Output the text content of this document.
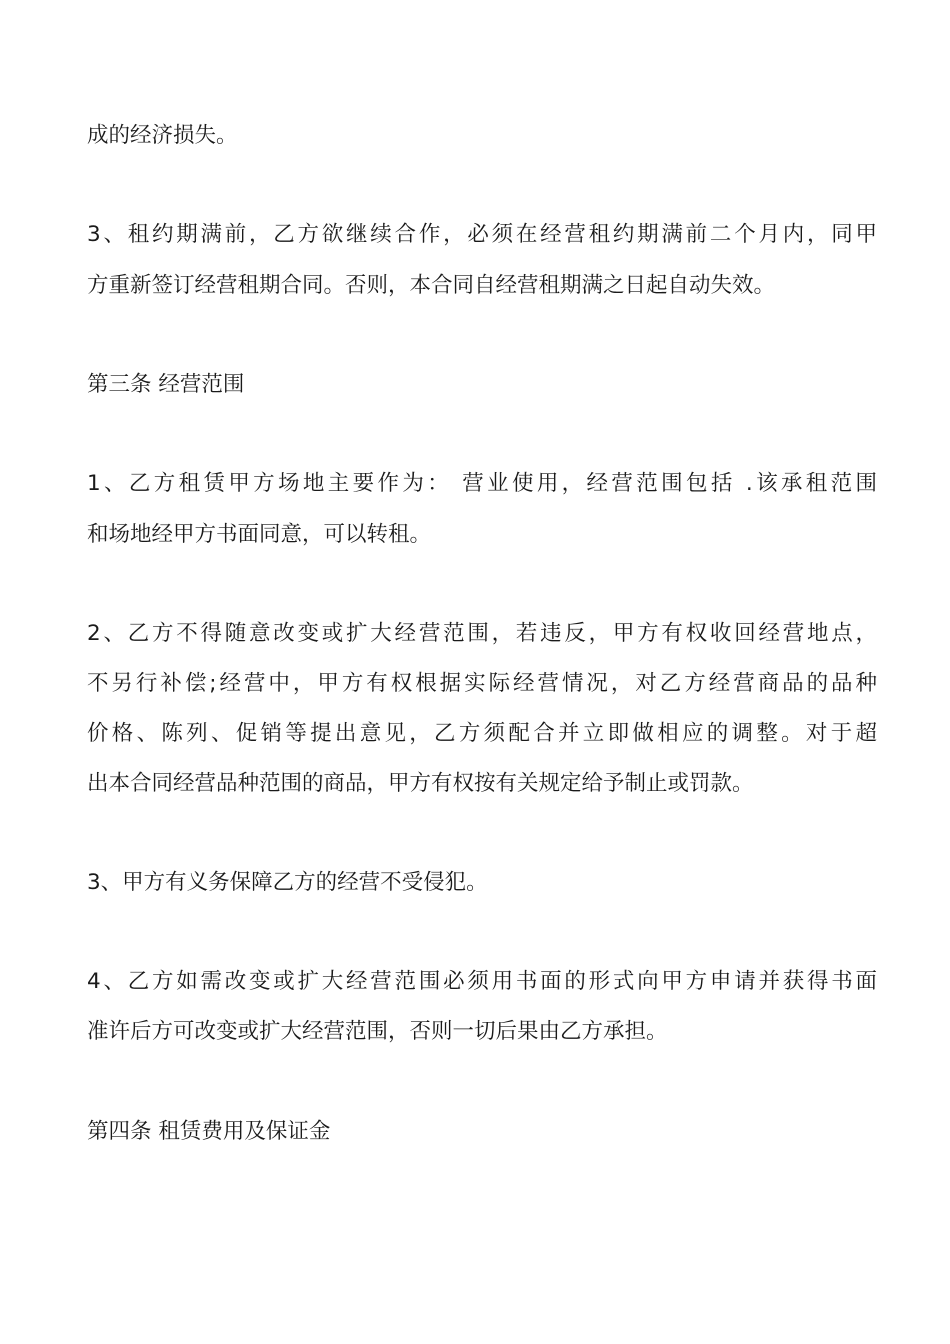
成的经济损失。

3、租约期满前，乙方欲继续合作，必须在经营租约期满前二个月内，同甲

方重新签订经营租期合同。否则，本合同自经营租期满之日起自动失效。

第三条 经营范围

1、乙方租赁甲方场地主要作为： 营业使用，经营范围包括 .该承租范围

和场地经甲方书面同意，可以转租。

2、乙方不得随意改变或扩大经营范围，若违反，甲方有权收回经营地点，

不另行补偿;经营中，甲方有权根据实际经营情况，对乙方经营商品的品种

价格、陈列、促销等提出意见，乙方须配合并立即做相应的调整。对于超

出本合同经营品种范围的商品，甲方有权按有关规定给予制止或罚款。

3、甲方有义务保障乙方的经营不受侵犯。

4、乙方如需改变或扩大经营范围必须用书面的形式向甲方申请并获得书面

准许后方可改变或扩大经营范围，否则一切后果由乙方承担。

第四条 租赁费用及保证金
